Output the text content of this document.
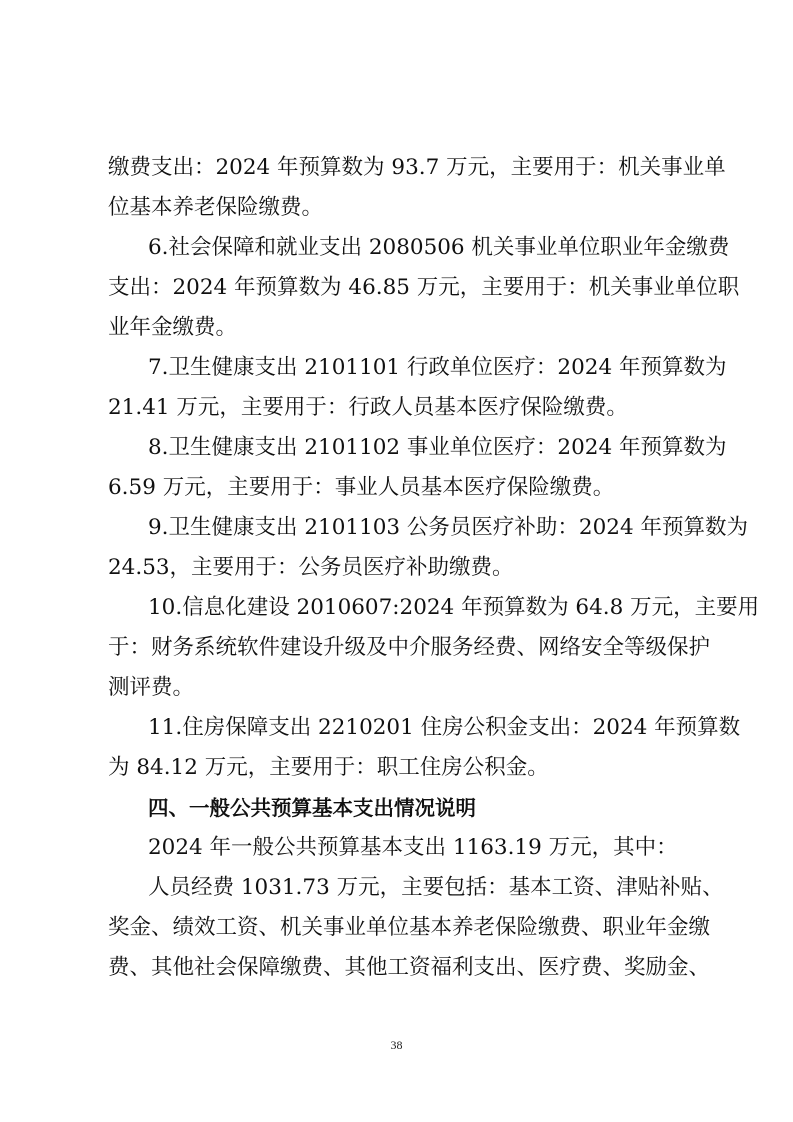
缴费支出：2024 年预算数为 93.7 万元，主要用于：机关事业单
位基本养老保险缴费。
6.社会保障和就业支出 2080506 机关事业单位职业年金缴费
支出：2024 年预算数为 46.85 万元，主要用于：机关事业单位职
业年金缴费。
7.卫生健康支出 2101101 行政单位医疗：2024 年预算数为
21.41 万元，主要用于：行政人员基本医疗保险缴费。
8.卫生健康支出 2101102 事业单位医疗：2024 年预算数为
6.59 万元，主要用于：事业人员基本医疗保险缴费。
9.卫生健康支出 2101103 公务员医疗补助：2024 年预算数为
24.53，主要用于：公务员医疗补助缴费。
10.信息化建设 2010607:2024 年预算数为 64.8 万元，主要用
于：财务系统软件建设升级及中介服务经费、网络安全等级保护
测评费。
11.住房保障支出 2210201 住房公积金支出：2024 年预算数
为 84.12 万元，主要用于：职工住房公积金。
四、一般公共预算基本支出情况说明
2024 年一般公共预算基本支出 1163.19 万元，其中：
人员经费 1031.73 万元，主要包括：基本工资、津贴补贴、
奖金、绩效工资、机关事业单位基本养老保险缴费、职业年金缴
费、其他社会保障缴费、其他工资福利支出、医疗费、奖励金、
38
